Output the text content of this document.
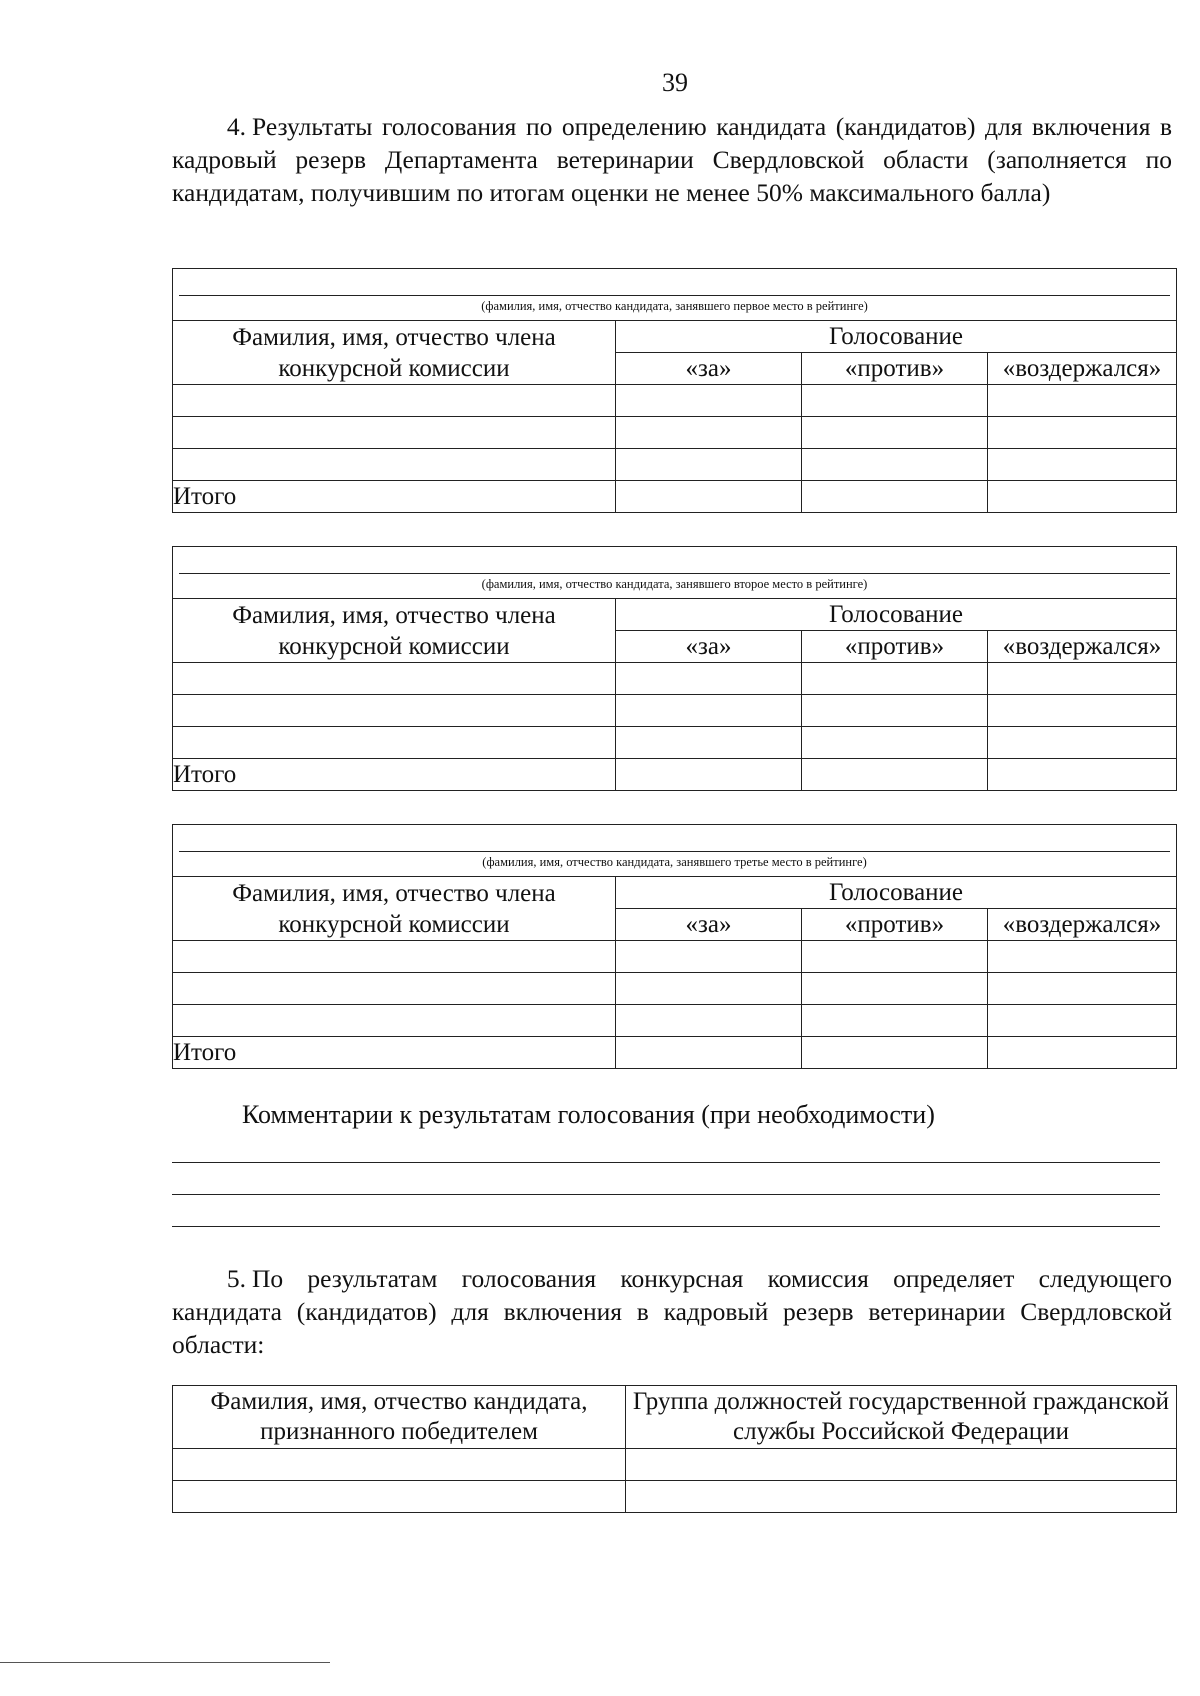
39

4. Результаты голосования по определению кандидата (кандидатов) для включения в кадровый резерв Департамента ветеринарии Свердловской области (заполняется по кандидатам, получившим по итогам оценки не менее 50% максимального балла)

(фамилия, имя, отчество кандидата, занявшего первое место в рейтинге)			

Фамилия, имя, отчество члена конкурсной комиссии	Голосование		
	«за»	«против»	«воздержался»

Итого			
(фамилия, имя, отчество кандидата, занявшего второе место в рейтинге)			

Фамилия, имя, отчество члена конкурсной комиссии	Голосование		
	«за»	«против»	«воздержался»

Итого			
(фамилия, имя, отчество кандидата, занявшего третье место в рейтинге)			

Фамилия, имя, отчество члена конкурсной комиссии	Голосование		
	«за»	«против»	«воздержался»

Итого			
Комментарии к результатам голосования (при необходимости)

5. По результатам голосования конкурсная комиссия определяет следующего кандидата (кандидатов) для включения в кадровый резерв ветеринарии Свердловской области:

Фамилия, имя, отчество кандидата, признанного победителем	Группа должностей государственной гражданской службы Российской Федерации
